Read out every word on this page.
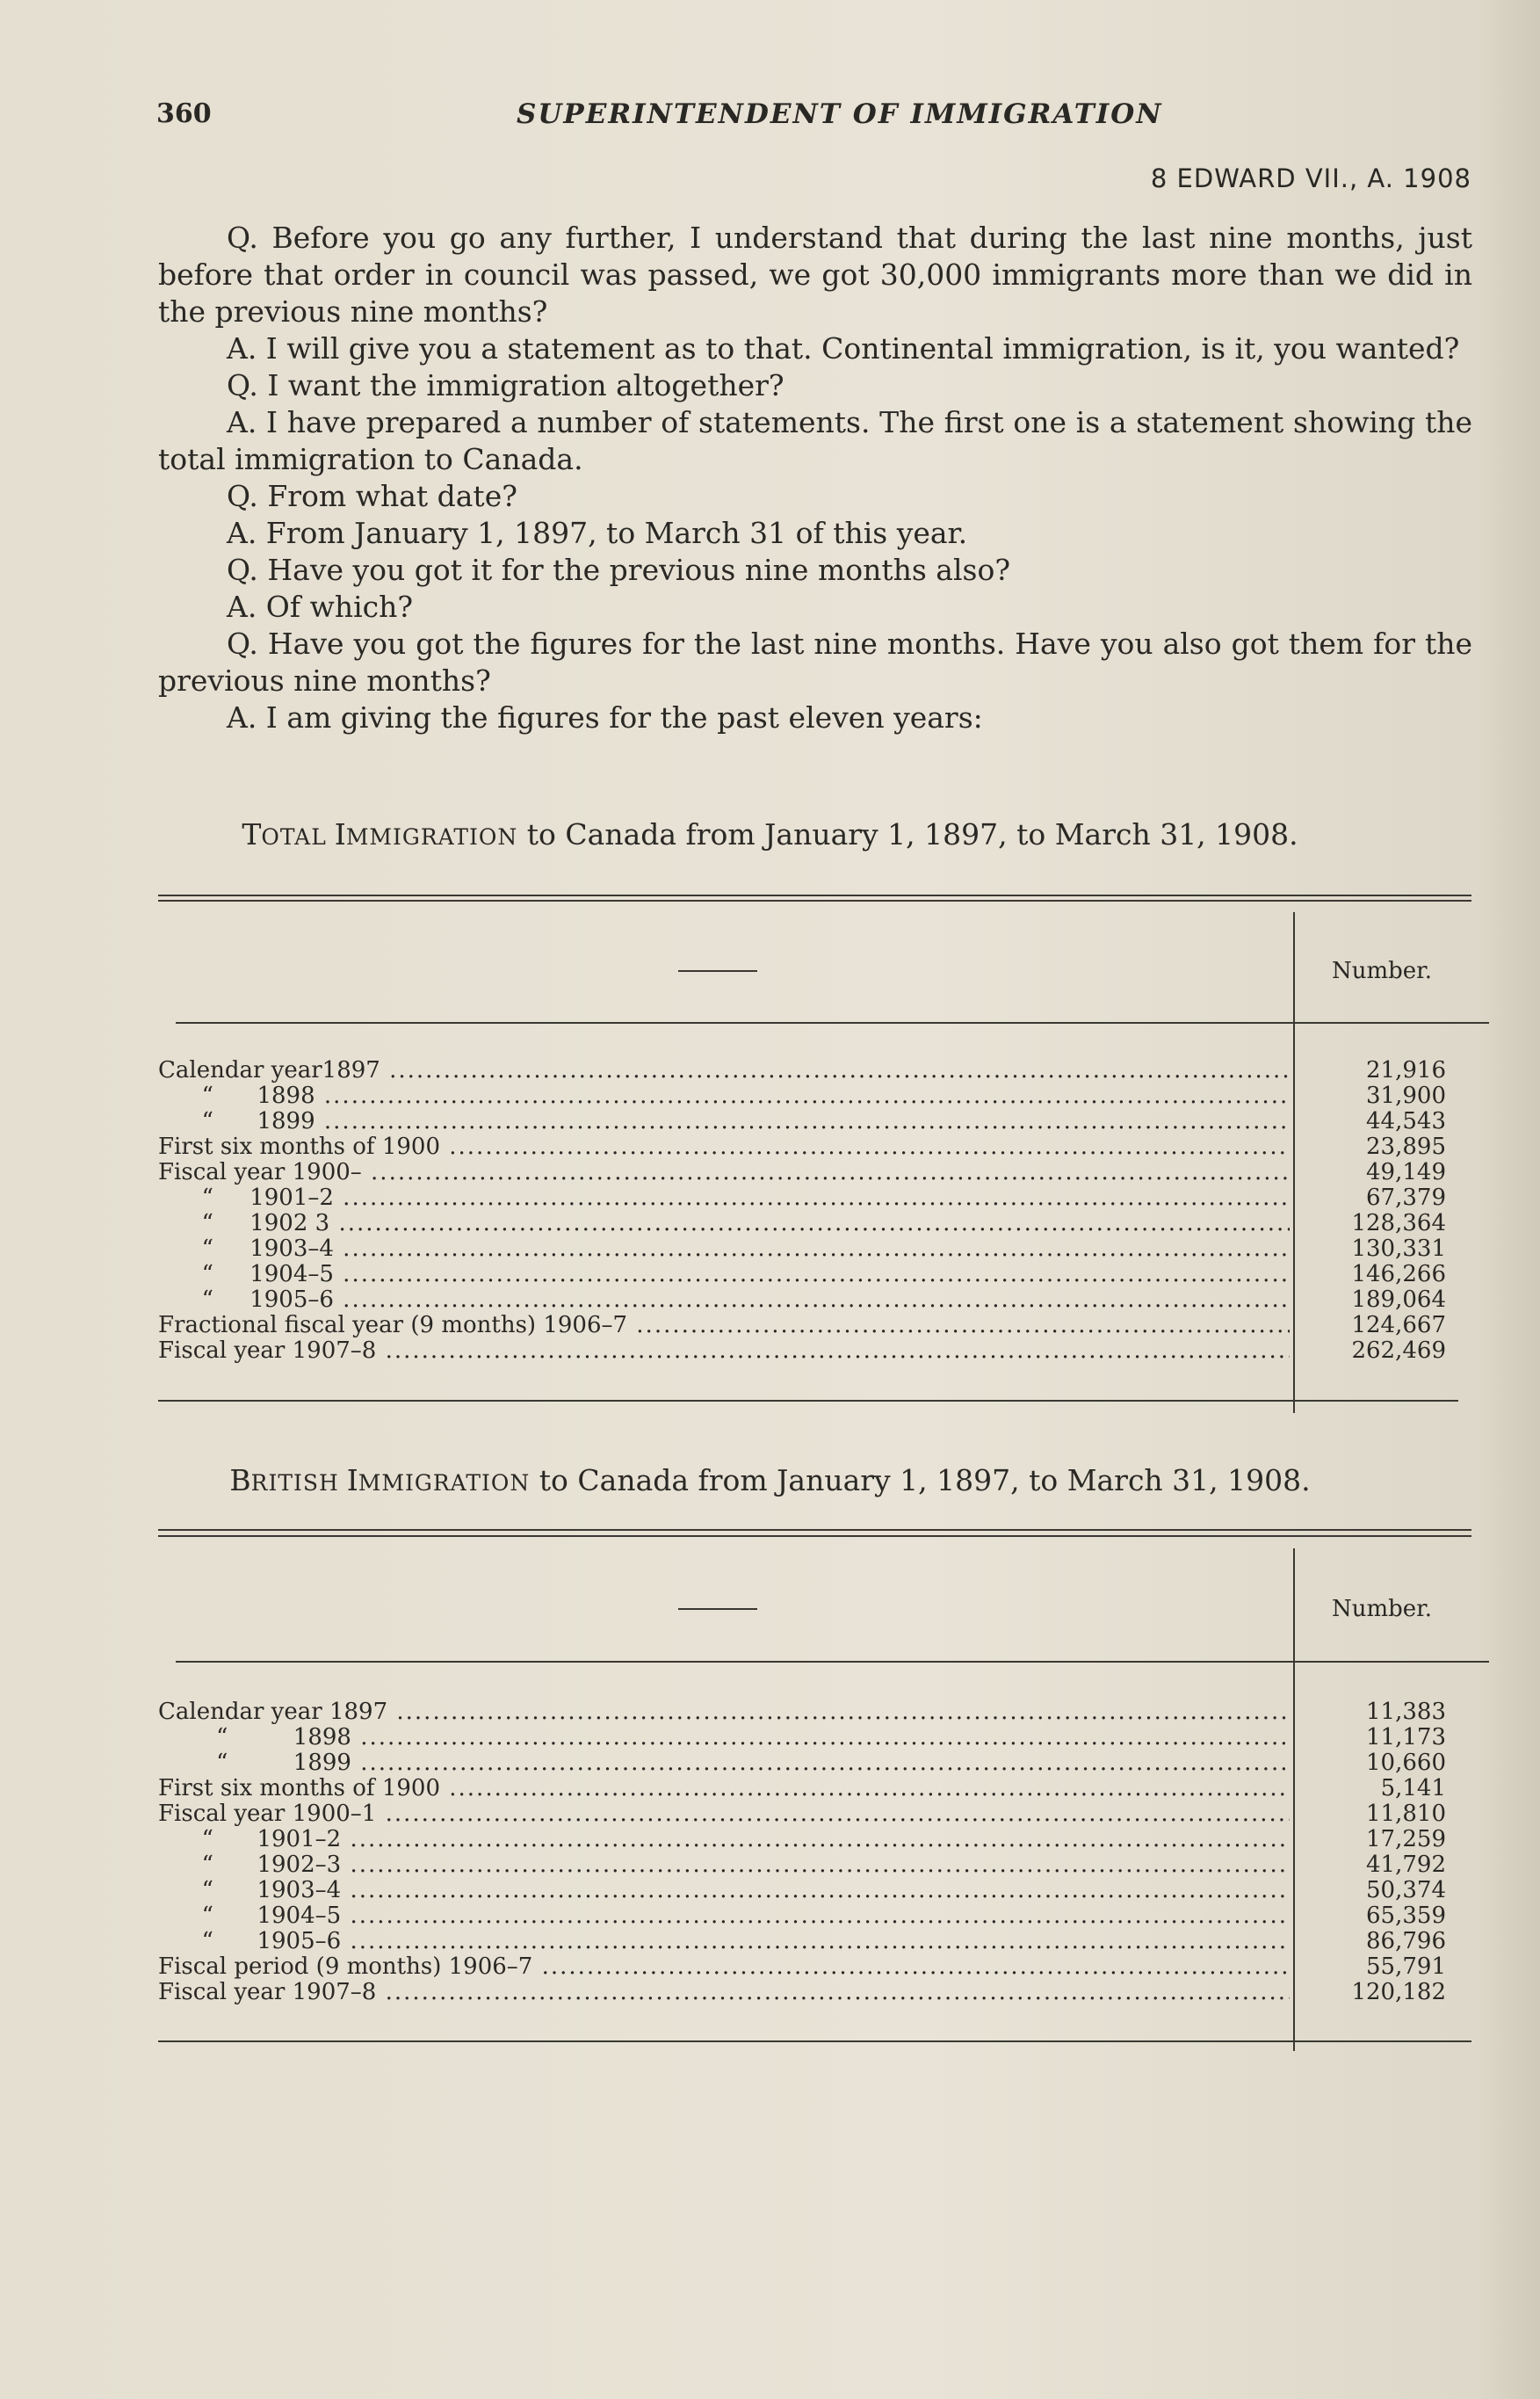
360	SUPERINTENDENT OF IMMIGRATION
8 EDWARD VII., A. 1908

Q. Before you go any further, I understand that during the last nine months, just before that order in council was passed, we got 30,000 immigrants more than we did in the previous nine months?

A. I will give you a statement as to that. Continental immigration, is it, you wanted?

Q. I want the immigration altogether?

A. I have prepared a number of statements. The first one is a statement showing the total immigration to Canada.

Q. From what date?

A. From January 1, 1897, to March 31 of this year.

Q. Have you got it for the previous nine months also?

A. Of which?

Q. Have you got the figures for the last nine months. Have you also got them for the previous nine months?

A. I am giving the figures for the past eleven years:

TOTAL IMMIGRATION to Canada from January 1, 1897, to March 31, 1908.
Number.
Calendar year1897 .....	21,916
“      1898 .....	31,900
“      1899 .....	44,543
First six months of 1900 .....	23,895
Fiscal year 1900– .....	49,149
“     1901–2 .....	67,379
“     1902 3 .....	128,364
“     1903–4 .....	130,331
“     1904–5 .....	146,266
“     1905–6 .....	189,064
Fractional fiscal year (9 months) 1906–7 .....	124,667
Fiscal year 1907–8 .....	262,469
BRITISH IMMIGRATION to Canada from January 1, 1897, to March 31, 1908.
Number.
Calendar year 1897 .....	11,383
“         1898 .....	11,173
“         1899 .....	10,660
First six months of 1900 .....	5,141
Fiscal year 1900–1 .....	11,810
“      1901–2 .....	17,259
“      1902–3 .....	41,792
“      1903–4 .....	50,374
“      1904–5 .....	65,359
“      1905–6 .....	86,796
Fiscal period (9 months) 1906–7 .....	55,791
Fiscal year 1907–8 .....	120,182
